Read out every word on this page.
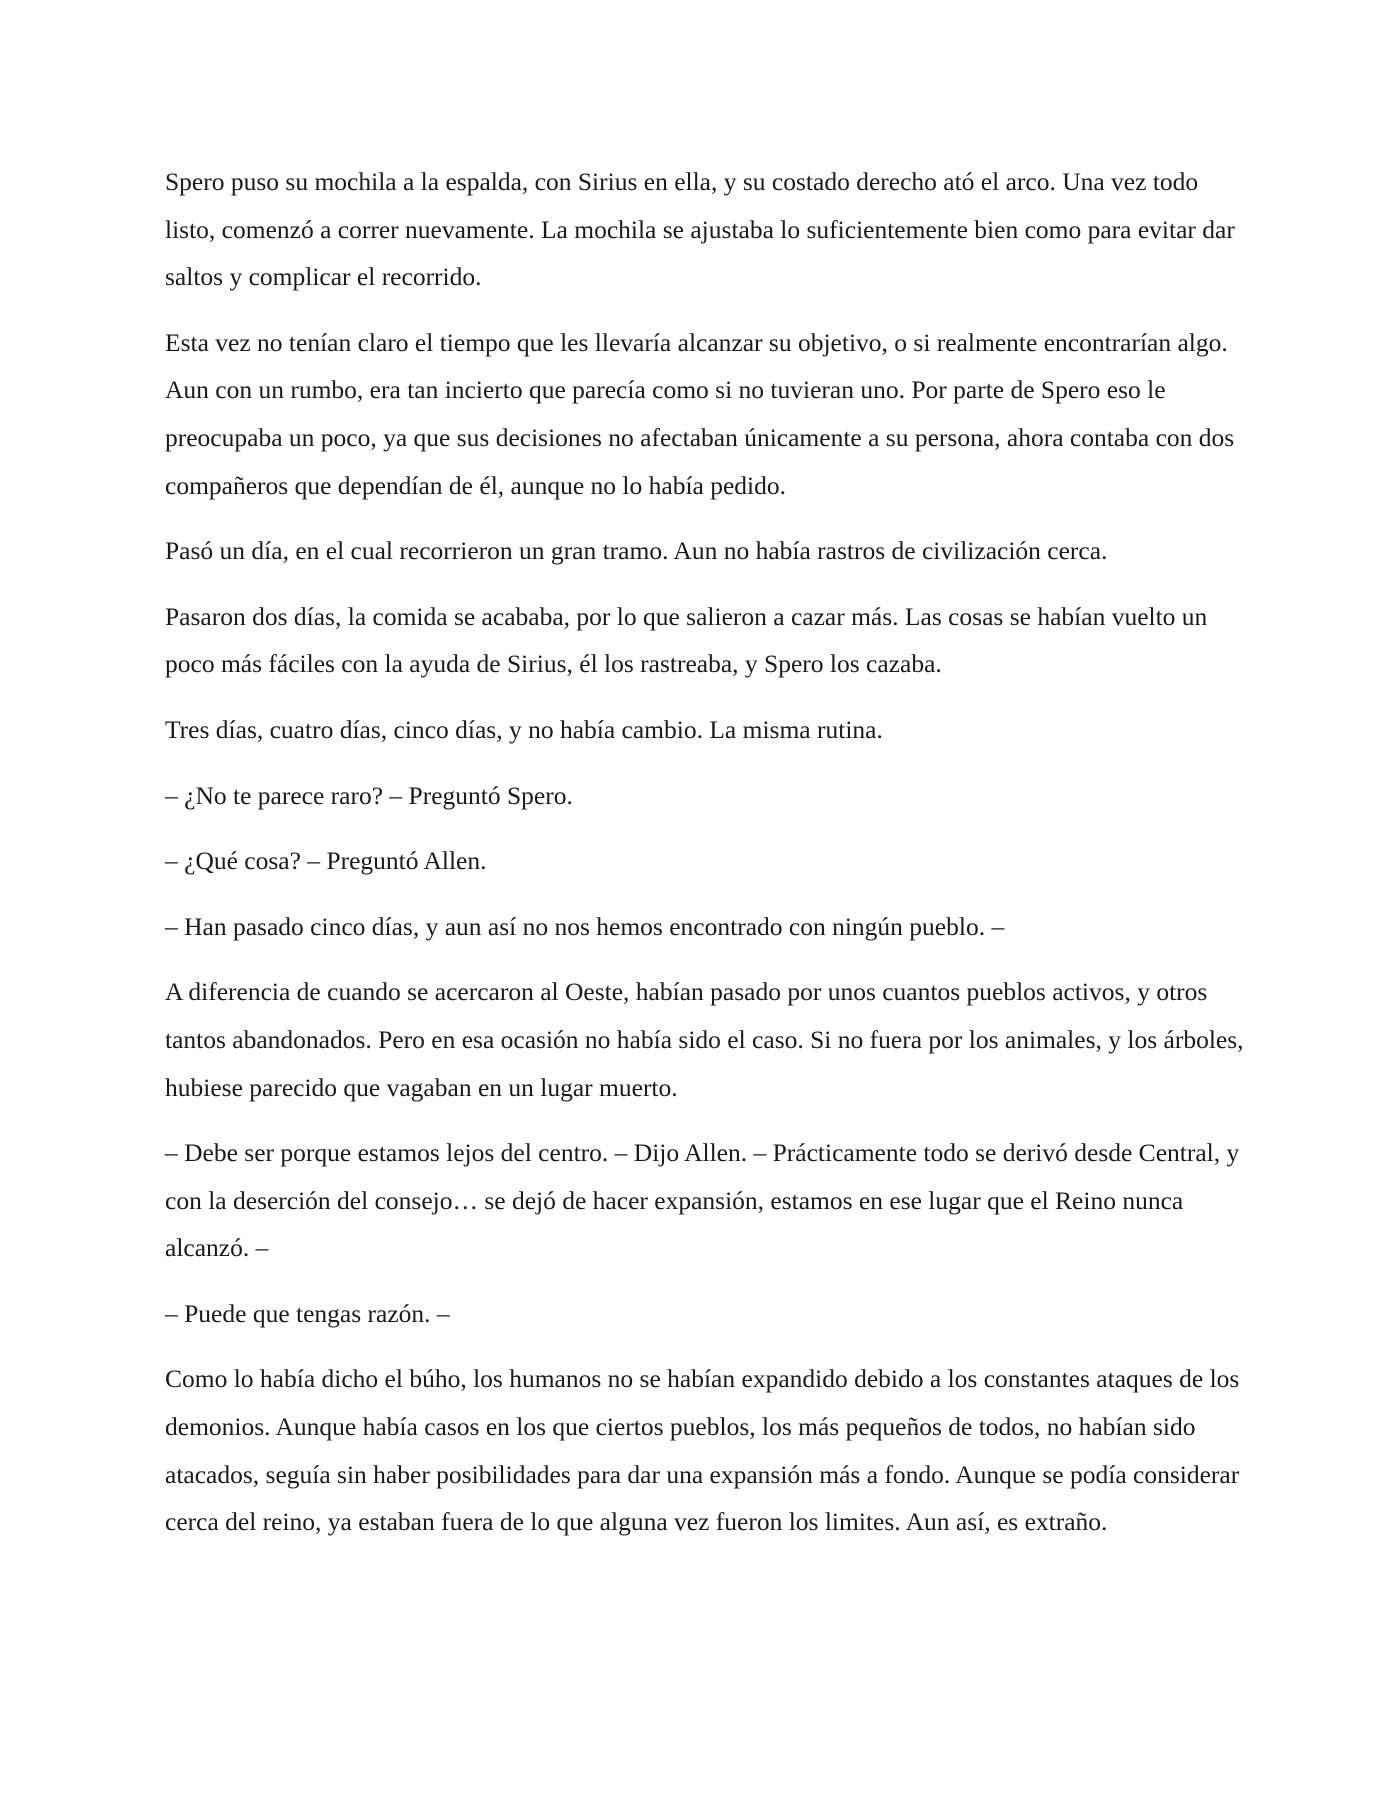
Spero puso su mochila a la espalda, con Sirius en ella, y su costado derecho ató el arco. Una vez todo listo, comenzó a correr nuevamente. La mochila se ajustaba lo suficientemente bien como para evitar dar saltos y complicar el recorrido.

Esta vez no tenían claro el tiempo que les llevaría alcanzar su objetivo, o si realmente encontrarían algo. Aun con un rumbo, era tan incierto que parecía como si no tuvieran uno. Por parte de Spero eso le preocupaba un poco, ya que sus decisiones no afectaban únicamente a su persona, ahora contaba con dos compañeros que dependían de él, aunque no lo había pedido.

Pasó un día, en el cual recorrieron un gran tramo. Aun no había rastros de civilización cerca.

Pasaron dos días, la comida se acababa, por lo que salieron a cazar más. Las cosas se habían vuelto un poco más fáciles con la ayuda de Sirius, él los rastreaba, y Spero los cazaba.

Tres días, cuatro días, cinco días, y no había cambio. La misma rutina.

– ¿No te parece raro? – Preguntó Spero.

– ¿Qué cosa? – Preguntó Allen.

– Han pasado cinco días, y aun así no nos hemos encontrado con ningún pueblo. –

A diferencia de cuando se acercaron al Oeste, habían pasado por unos cuantos pueblos activos, y otros tantos abandonados. Pero en esa ocasión no había sido el caso. Si no fuera por los animales, y los árboles, hubiese parecido que vagaban en un lugar muerto.

– Debe ser porque estamos lejos del centro. – Dijo Allen. – Prácticamente todo se derivó desde Central, y con la deserción del consejo… se dejó de hacer expansión, estamos en ese lugar que el Reino nunca alcanzó. –

– Puede que tengas razón. –

Como lo había dicho el búho, los humanos no se habían expandido debido a los constantes ataques de los demonios. Aunque había casos en los que ciertos pueblos, los más pequeños de todos, no habían sido atacados, seguía sin haber posibilidades para dar una expansión más a fondo. Aunque se podía considerar cerca del reino, ya estaban fuera de lo que alguna vez fueron los limites. Aun así, es extraño.
